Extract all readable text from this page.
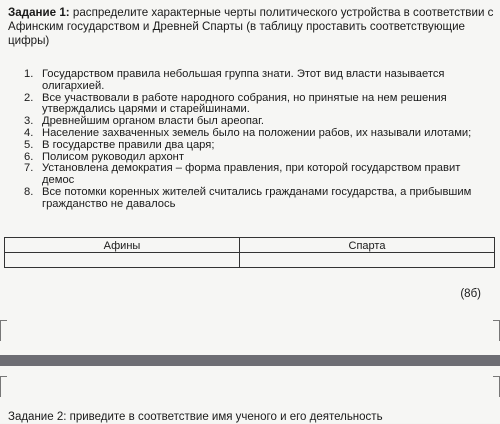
Задание 1: распределите характерные черты политического устройства в соответствии с Афинским государством и Древней Спарты (в таблицу проставить соответствующие цифры)

1. Государством правила небольшая группа знати. Этот вид власти называется олигархией.
2. Все участвовали в работе народного собрания, но принятые на нем решения утверждались царями и старейшинами.
3. Древнейшим органом власти был ареопаг.
4. Население захваченных земель было на положении рабов, их называли илотами;
5. В государстве правили два царя;
6. Полисом руководил архонт
7. Установлена демократия – форма правления, при которой государством правит демос
8. Все потомки коренных жителей считались гражданами государства, а прибывшим гражданство не давалось
Афины	Спарта

(8б)
Задание 2: приведите в соответствие имя ученого и его деятельность
